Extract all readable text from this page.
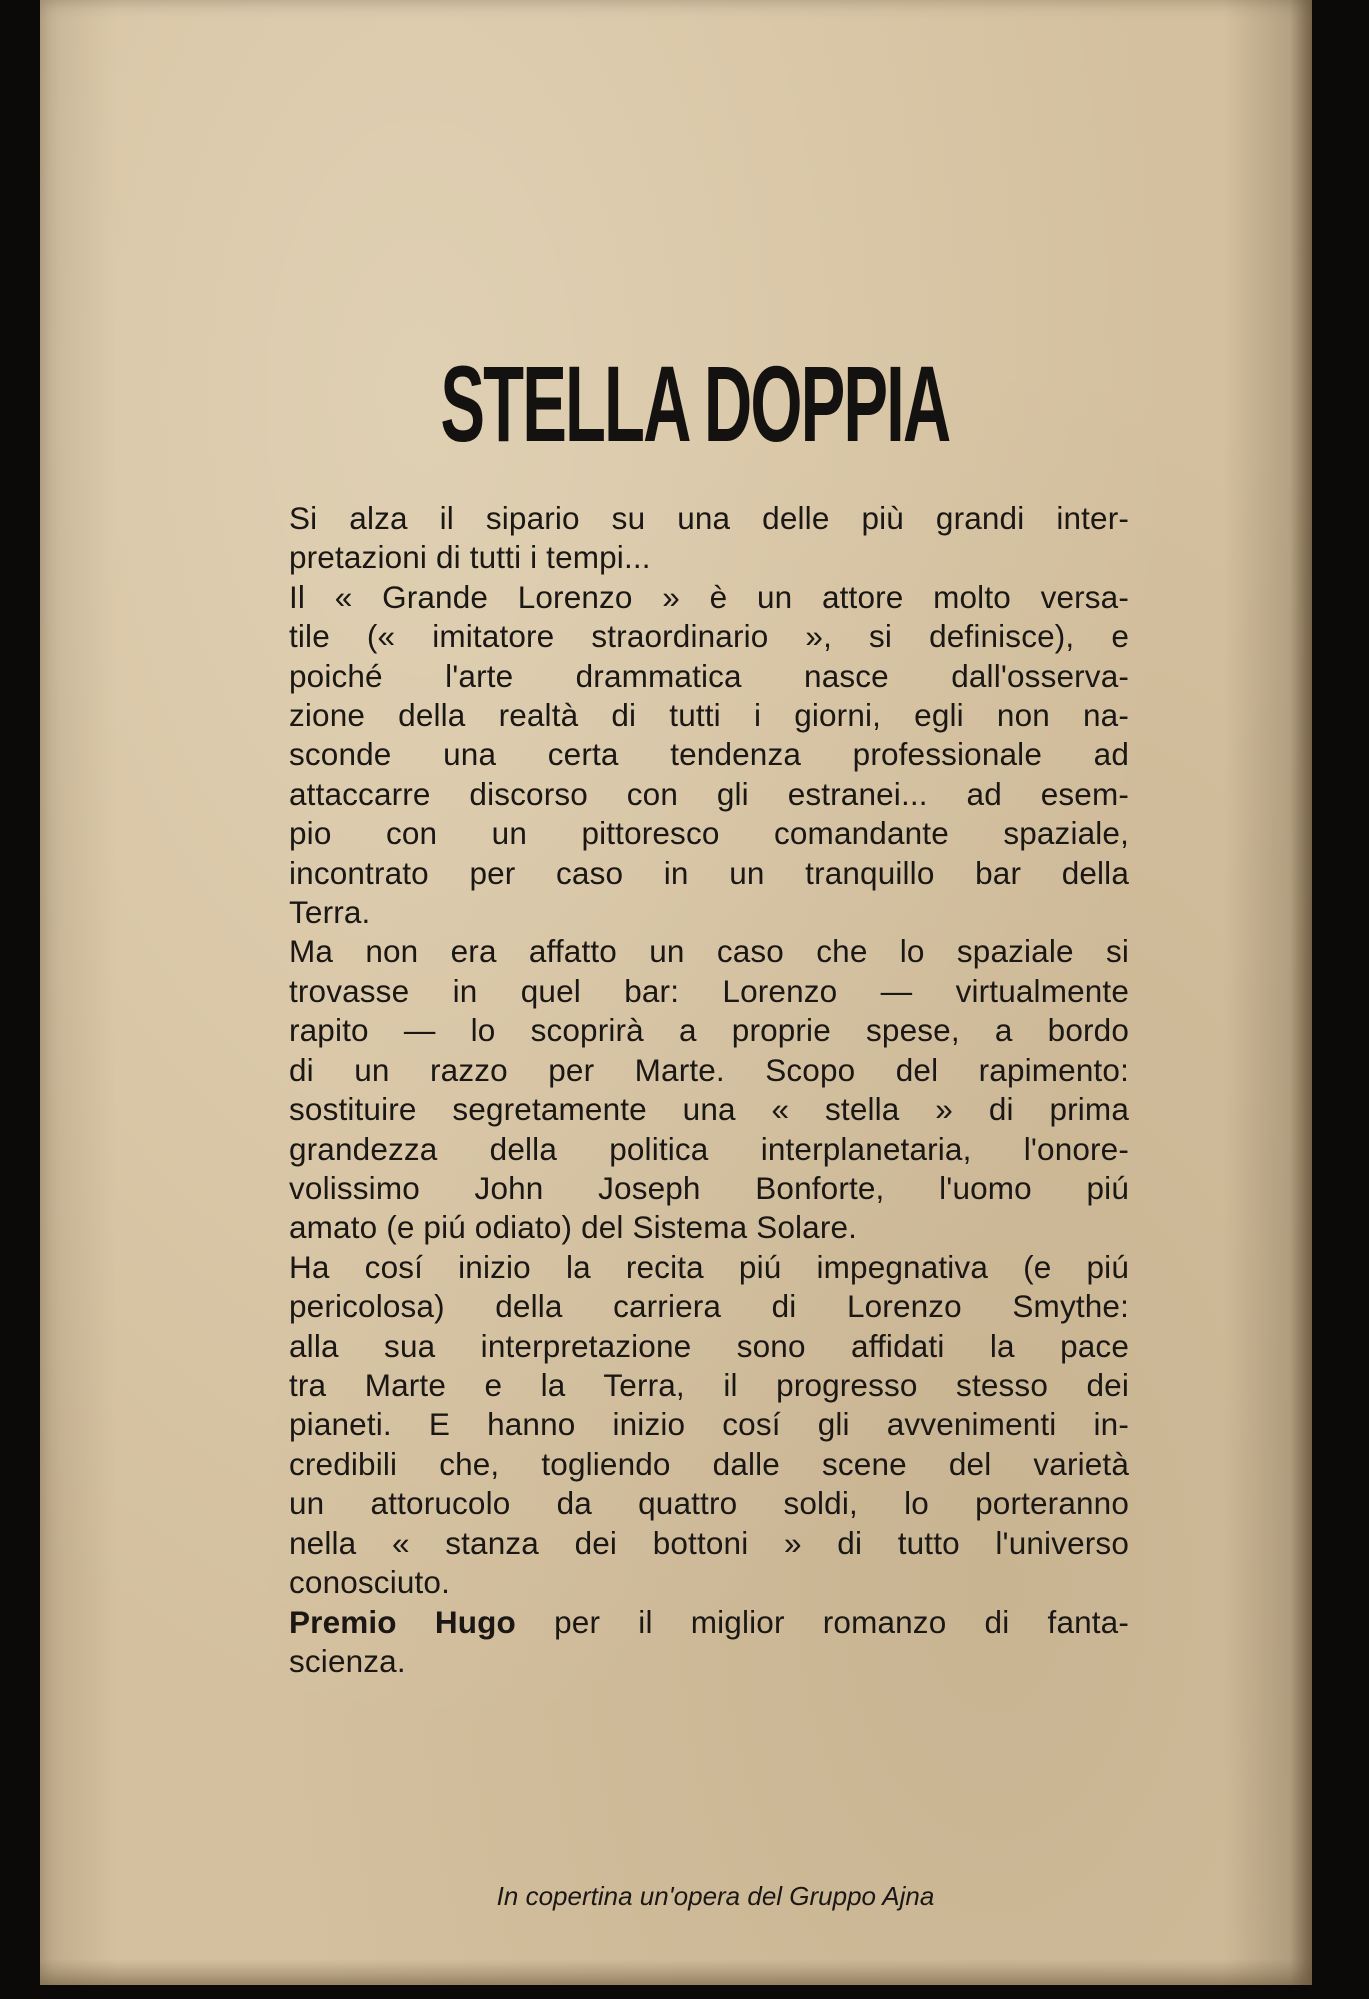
STELLA DOPPIA
Si alza il sipario su una delle più grandi inter-
pretazioni di tutti i tempi...
Il « Grande Lorenzo » è un attore molto versa-
tile (« imitatore straordinario », si definisce), e
poiché l'arte drammatica nasce dall'osserva-
zione della realtà di tutti i giorni, egli non na-
sconde una certa tendenza professionale ad
attaccarre discorso con gli estranei... ad esem-
pio con un pittoresco comandante spaziale,
incontrato per caso in un tranquillo bar della
Terra.
Ma non era affatto un caso che lo spaziale si
trovasse in quel bar: Lorenzo — virtualmente
rapito — lo scoprirà a proprie spese, a bordo
di un razzo per Marte. Scopo del rapimento:
sostituire segretamente una « stella » di prima
grandezza della politica interplanetaria, l'onore-
volissimo John Joseph Bonforte, l'uomo piú
amato (e piú odiato) del Sistema Solare.
Ha cosí inizio la recita piú impegnativa (e piú
pericolosa) della carriera di Lorenzo Smythe:
alla sua interpretazione sono affidati la pace
tra Marte e la Terra, il progresso stesso dei
pianeti. E hanno inizio cosí gli avvenimenti in-
credibili che, togliendo dalle scene del varietà
un attorucolo da quattro soldi, lo porteranno
nella « stanza dei bottoni » di tutto l'universo
conosciuto.
Premio Hugo per il miglior romanzo di fanta-
scienza.
In copertina un'opera del Gruppo Ajna
